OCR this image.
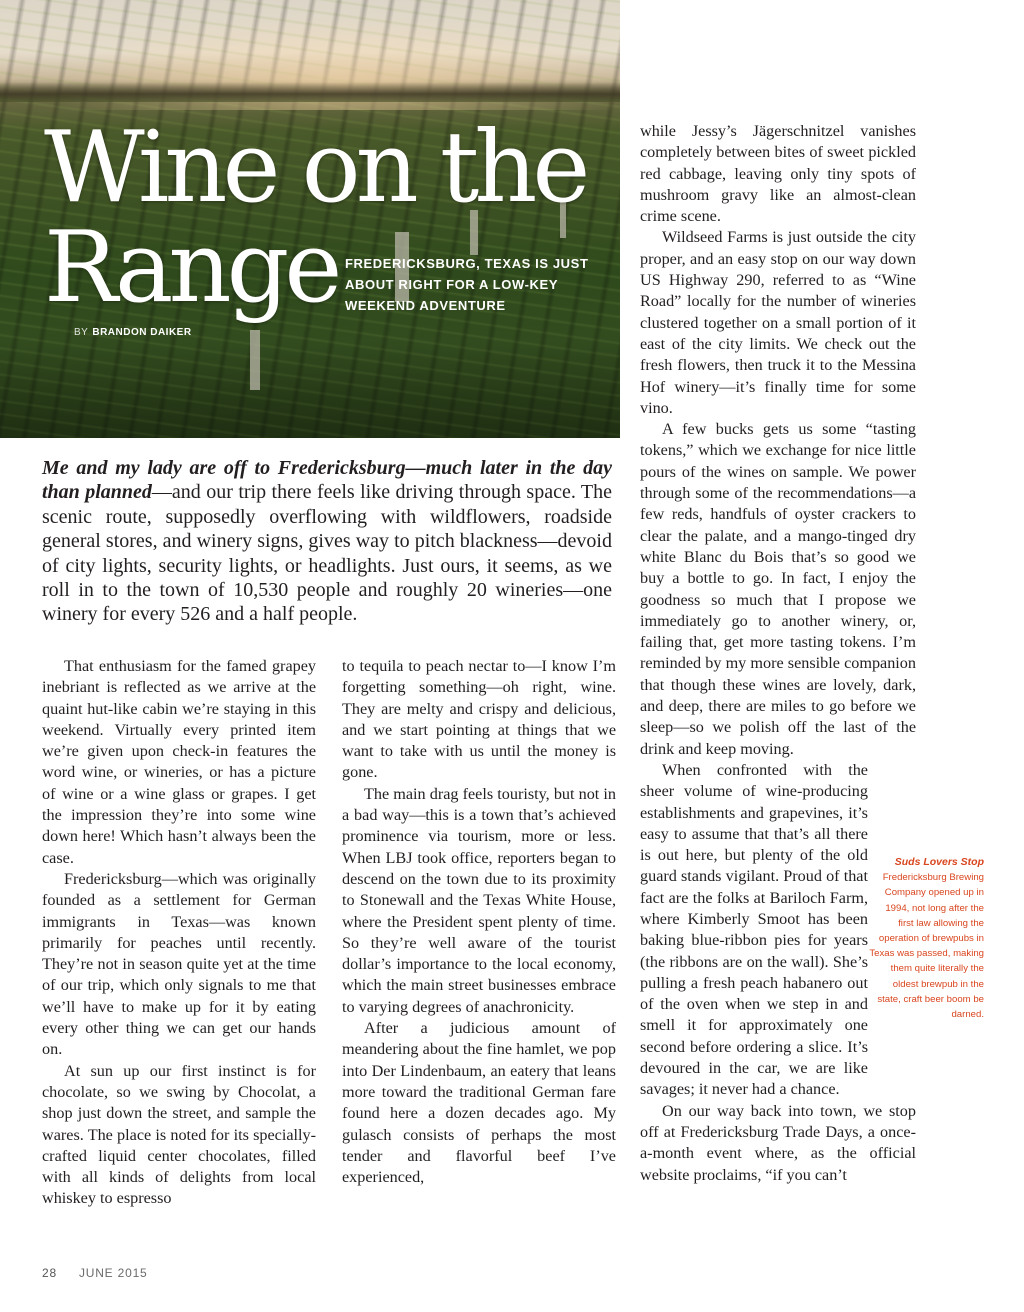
Wine on the
Range FREDERICKSBURG, TEXAS IS JUST ABOUT RIGHT FOR A LOW-KEY WEEKEND ADVENTURE

BY BRANDON DAIKER

Me and my lady are off to Fredericksburg—much later in the day than planned—and our trip there feels like driving through space. The scenic route, supposedly overflowing with wildflowers, roadside general stores, and winery signs, gives way to pitch blackness—devoid of city lights, security lights, or headlights. Just ours, it seems, as we roll in to the town of 10,530 people and roughly 20 wineries—one winery for every 526 and a half people.

That enthusiasm for the famed grapey inebriant is reflected as we arrive at the quaint hut-like cabin we’re staying in this weekend. Virtually every printed item we’re given upon check-in features the word wine, or wineries, or has a picture of wine or a wine glass or grapes. I get the impression they’re into some wine down here! Which hasn’t always been the case.

Fredericksburg—which was originally founded as a settlement for German immigrants in Texas—was known primarily for peaches until recently. They’re not in season quite yet at the time of our trip, which only signals to me that we’ll have to make up for it by eating every other thing we can get our hands on.

At sun up our first instinct is for chocolate, so we swing by Chocolat, a shop just down the street, and sample the wares. The place is noted for its specially-crafted liquid center chocolates, filled with all kinds of delights from local whiskey to espresso

to tequila to peach nectar to—I know I’m forgetting something—oh right, wine. They are melty and crispy and delicious, and we start pointing at things that we want to take with us until the money is gone.

The main drag feels touristy, but not in a bad way—this is a town that’s achieved prominence via tourism, more or less. When LBJ took office, reporters began to descend on the town due to its proximity to Stonewall and the Texas White House, where the President spent plenty of time. So they’re well aware of the tourist dollar’s importance to the local economy, which the main street businesses embrace to varying degrees of anachronicity.

After a judicious amount of meandering about the fine hamlet, we pop into Der Lindenbaum, an eatery that leans more toward the traditional German fare found here a dozen decades ago. My gulasch consists of perhaps the most tender and flavorful beef I’ve experienced,

while Jessy’s Jägerschnitzel vanishes completely between bites of sweet pickled red cabbage, leaving only tiny spots of mushroom gravy like an almost-clean crime scene.

Wildseed Farms is just outside the city proper, and an easy stop on our way down US Highway 290, referred to as “Wine Road” locally for the number of wineries clustered together on a small portion of it east of the city limits. We check out the fresh flowers, then truck it to the Messina Hof winery—it’s finally time for some vino.

A few bucks gets us some “tasting tokens,” which we exchange for nice little pours of the wines on sample. We power through some of the recommendations—a few reds, handfuls of oyster crackers to clear the palate, and a mango-tinged dry white Blanc du Bois that’s so good we buy a bottle to go. In fact, I enjoy the goodness so much that I propose we immediately go to another winery, or, failing that, get more tasting tokens. I’m reminded by my more sensible companion that though these wines are lovely, dark, and deep, there are miles to go before we sleep—so we polish off the last of the drink and keep moving.

When confronted with the sheer volume of wine-producing establishments and grapevines, it’s easy to assume that that’s all there is out here, but plenty of the old guard stands vigilant. Proud of that fact are the folks at Bariloch Farm, where Kimberly Smoot has been baking blue-ribbon pies for years (the ribbons are on the wall). She’s pulling a fresh peach habanero out of the oven when we step in and smell it for approximately one second before ordering a slice. It’s devoured in the car, we are like savages; it never had a chance.

On our way back into town, we stop off at Fredericksburg Trade Days, a once-a-month event where, as the official website proclaims, “if you can’t

Suds Lovers Stop
Fredericksburg Brewing Company opened up in 1994, not long after the first law allowing the operation of brewpubs in Texas was passed, making them quite literally the oldest brewpub in the state, craft beer boom be darned.
28 JUNE 2015
